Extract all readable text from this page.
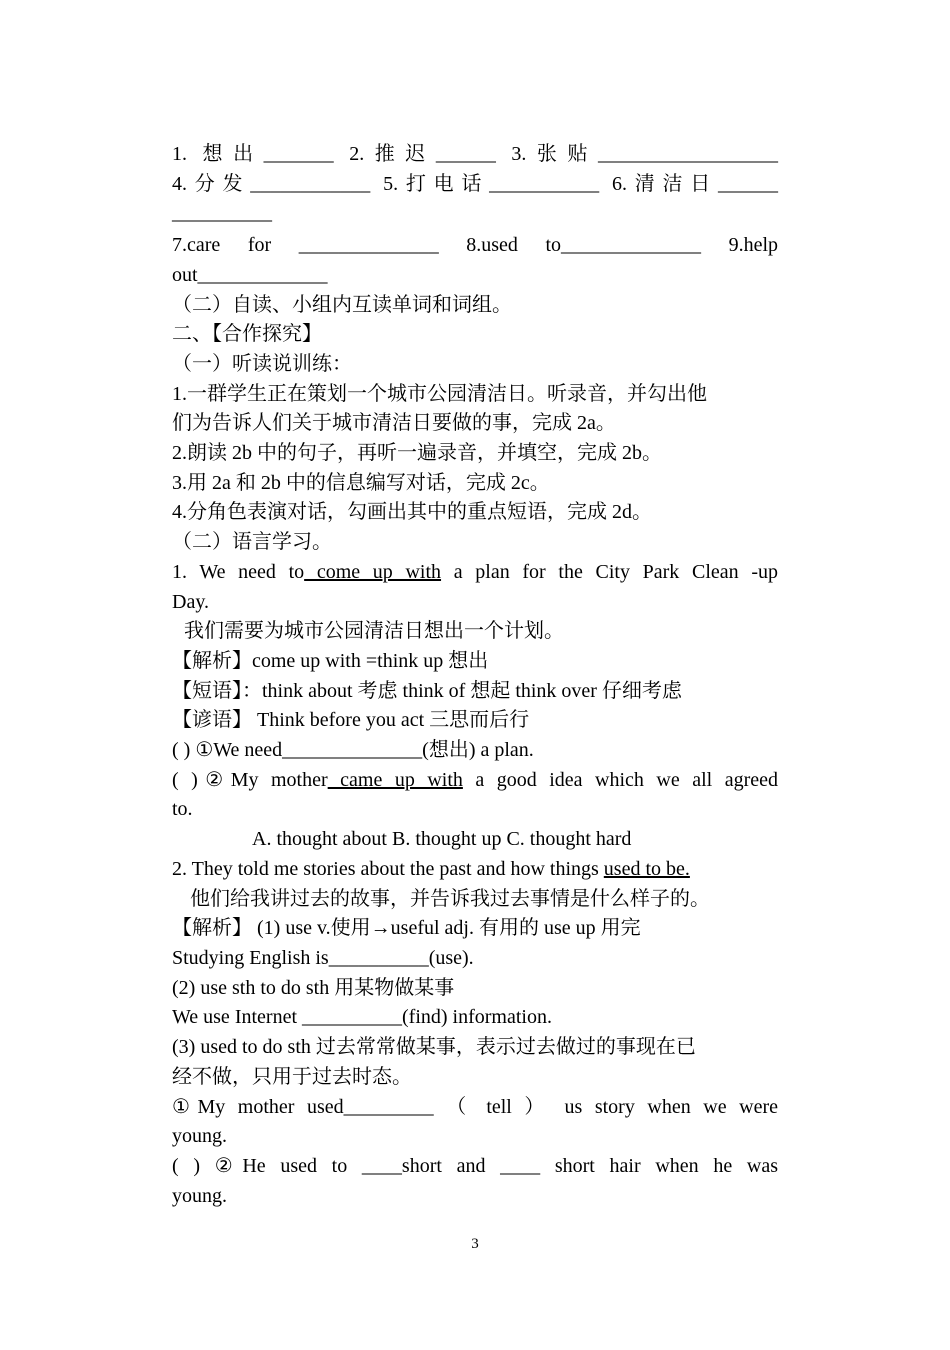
1. 想出_______ 2.推迟______ 3.张贴__________________
4.分发____________ 5.打电话___________ 6.清洁日______
__________
7.care for ______________ 8.used to______________ 9.help
out_____________
（二）自读、小组内互读单词和词组。
二、【合作探究】
（一）听读说训练：
1.一群学生正在策划一个城市公园清洁日。听录音，并勾出他
们为告诉人们关于城市清洁日要做的事，完成 2a。
2.朗读 2b 中的句子，再听一遍录音，并填空，完成 2b。
3.用 2a 和 2b 中的信息编写对话，完成 2c。
4.分角色表演对话，勾画出其中的重点短语，完成 2d。
（二）语言学习。
1. We need to come up with a plan for the City Park Clean -up
Day.
我们需要为城市公园清洁日想出一个计划。
【解析】come up with =think up 想出
【短语】：think about 考虑 think of 想起 think over 仔细考虑
【谚语】 Think before you act 三思而后行
( ) ①We need______________(想出) a plan.
( )②My mother came up with a good idea which we all agreed
to.
A. thought about B. thought up C. thought hard
2. They told me stories about the past and how things used to be.
他们给我讲过去的故事，并告诉我过去事情是什么样子的。
【解析】 (1) use v.使用→useful adj. 有用的 use up 用完
Studying English is__________(use).
(2) use sth to do sth 用某物做某事
We use Internet __________(find) information.
(3) used to do sth 过去常常做某事，表示过去做过的事现在已
经不做，只用于过去时态。
①My mother used_________ （ tell ） us story when we were
young.
( ) ②He used to ____short and ____ short hair when he was
young.
3
